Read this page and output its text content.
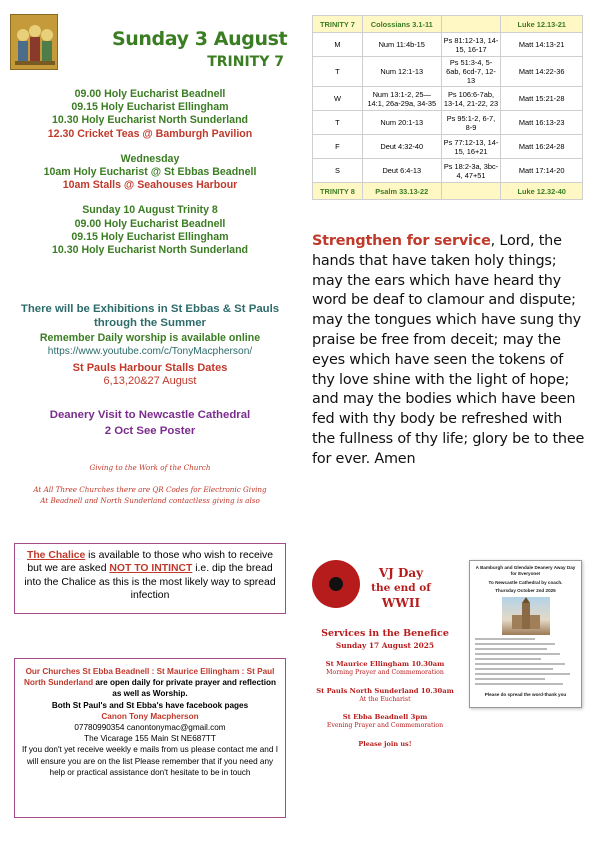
Sunday 3 August
TRINITY 7
09.00 Holy Eucharist Beadnell
09.15 Holy Eucharist Ellingham
10.30 Holy Eucharist North Sunderland
12.30 Cricket Teas @ Bamburgh Pavilion
Wednesday
10am Holy Eucharist @ St Ebbas Beadnell
10am Stalls @ Seahouses Harbour
Sunday 10 August Trinity 8
09.00 Holy Eucharist Beadnell
09.15 Holy Eucharist Ellingham
10.30 Holy Eucharist North Sunderland
There will be Exhibitions in St Ebbas & St Pauls through the Summer
Remember Daily worship is available online
https://www.youtube.com/c/TonyMacpherson/
St Pauls Harbour Stalls Dates
6,13,20&27 August
Deanery Visit to Newcastle Cathedral
2 Oct See Poster
Giving to the Work of the Church
At All Three Churches there are QR Codes for Electronic Giving
At Beadnell and North Sunderland contactless giving is also
TRINITY 7	Colossians 3.1-11		Luke 12.13-21
M	Num 11:4b-15	Ps 81:12-13, 14-15, 16-17	Matt 14:13-21
T	Num 12:1-13	Ps 51:3-4, 5-6ab, 6cd-7, 12-13	Matt 14:22-36
W	Num 13:1-2, 25— 14:1, 26a-29a, 34-35	Ps 106:6-7ab, 13-14, 21-22, 23	Matt 15:21-28
T	Num 20:1-13	Ps 95:1-2, 6-7, 8-9	Matt 16:13-23
F	Deut 4:32-40	Ps 77:12-13, 14-15, 16+21	Matt 16:24-28
S	Deut 6:4-13	Ps 18:2-3a, 3bc-4, 47+51	Matt 17:14-20
TRINITY 8	Psalm 33.13-22		Luke 12.32-40
Strengthen for service, Lord, the hands that have taken holy things; may the ears which have heard thy word be deaf to clamour and dispute; may the tongues which have sung thy praise be free from deceit; may the eyes which have seen the tokens of thy love shine with the light of hope; and may the bodies which have been fed with thy body be refreshed with the fullness of thy life; glory be to thee for ever. Amen
The Chalice is available to those who wish to receive but we are asked NOT TO INTINCT i.e. dip the bread into the Chalice as this is the most likely way to spread infection
Our Churches St Ebba Beadnell : St Maurice Ellingham : St Paul North Sunderland are open daily for private prayer and reflection as well as Worship.
Both St Paul's and St Ebba's have facebook pages
Canon Tony Macpherson
07780990354 canontonymac@gmail.com
The Vicarage 155 Main St NE687TT
If you don't yet receive weekly e mails from us please contact me and I will ensure you are on the list Please remember that if you need any help or practical assistance don't hesitate to be in touch
VJ Day
the end of
WWII
Services in the Benefice
Sunday 17 August 2025
St Maurice Ellingham 10.30am
Morning Prayer and Commemoration
St Pauls North Sunderland 10.30am
At the Eucharist
St Ebba Beadnell 3pm
Evening Prayer and Commemoration
Please join us!
A Bamburgh and Glendale Deanery Away Day for Everyone!
To Newcastle Cathedral by coach.
Thursday October 2nd 2025
Please do spread the word-thank you
